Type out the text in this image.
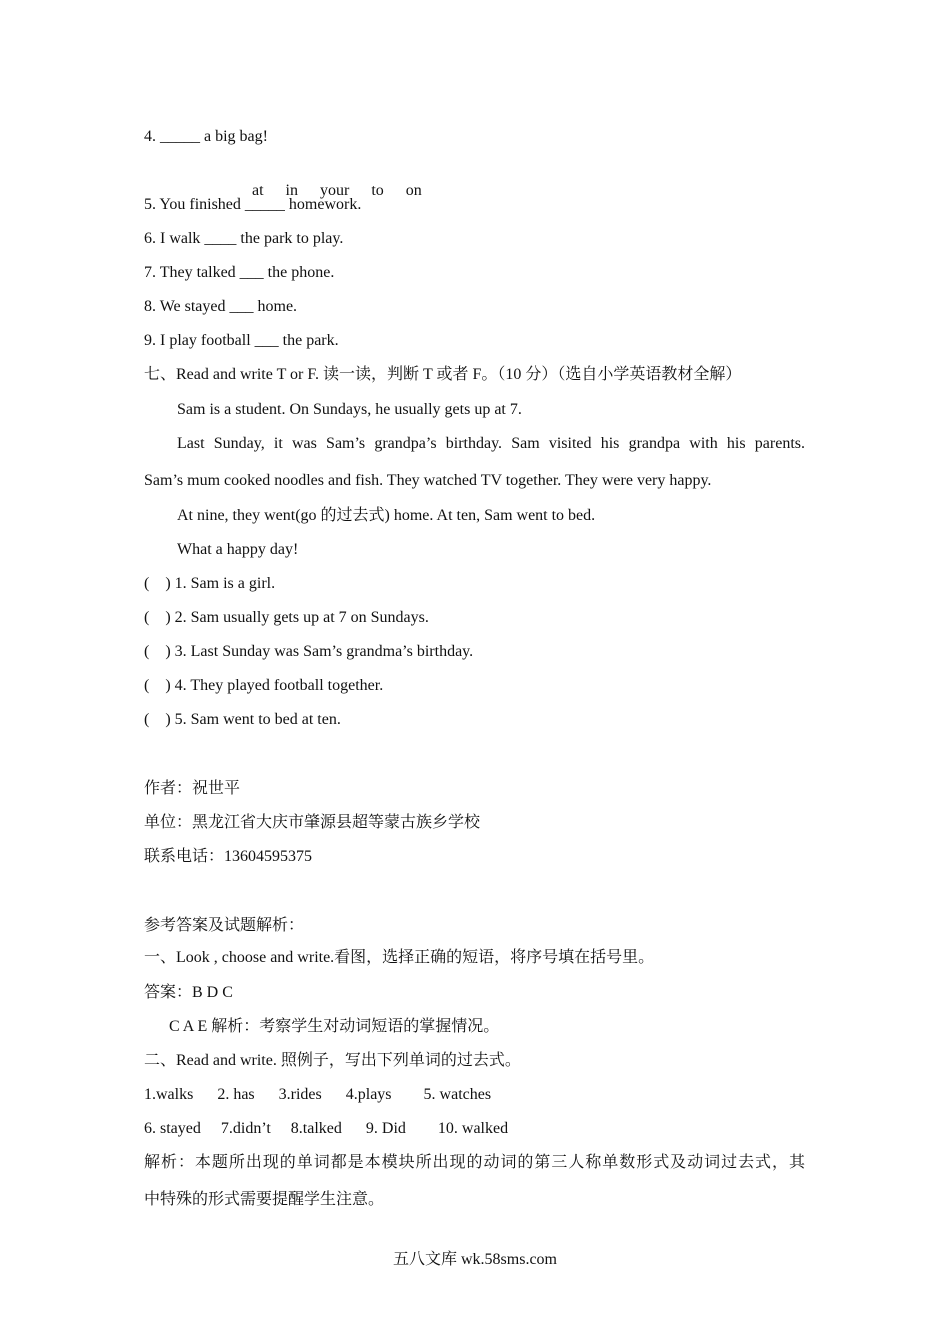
4. _____ a big bag!

at in your to on

5. You finished _____ homework.
6. I walk ____ the park to play.
7. They talked ___ the phone.
8. We stayed ___ home.
9. I play football ___ the park.
七、Read and write T or F. 读一读，判断 T 或者 F。（10 分）（选自小学英语教材全解）
Sam is a student. On Sundays, he usually gets up at 7.
Last Sunday, it was Sam’s grandpa’s birthday. Sam visited his grandpa with his parents.
Sam’s mum cooked noodles and fish. They watched TV together. They were very happy.
At nine, they went(go 的过去式) home. At ten, Sam went to bed.
What a happy day!
(    ) 1. Sam is a girl.
(    ) 2. Sam usually gets up at 7 on Sundays.
(    ) 3. Last Sunday was Sam’s grandma’s birthday.
(    ) 4. They played football together.
(    ) 5. Sam went to bed at ten.
作者：祝世平
单位：黑龙江省大庆市肇源县超等蒙古族乡学校
联系电话：13604595375
参考答案及试题解析：
一、Look , choose and write.看图，选择正确的短语，将序号填在括号里。
答案：B D C
C A E 解析：考察学生对动词短语的掌握情况。
二、Read and write. 照例子，写出下列单词的过去式。
1.walks      2. has      3.rides      4.plays        5. watches
6. stayed     7.didn’t     8.talked      9. Did        10. walked
解析：本题所出现的单词都是本模块所出现的动词的第三人称单数形式及动词过去式，其
中特殊的形式需要提醒学生注意。
五八文库 wk.58sms.com
